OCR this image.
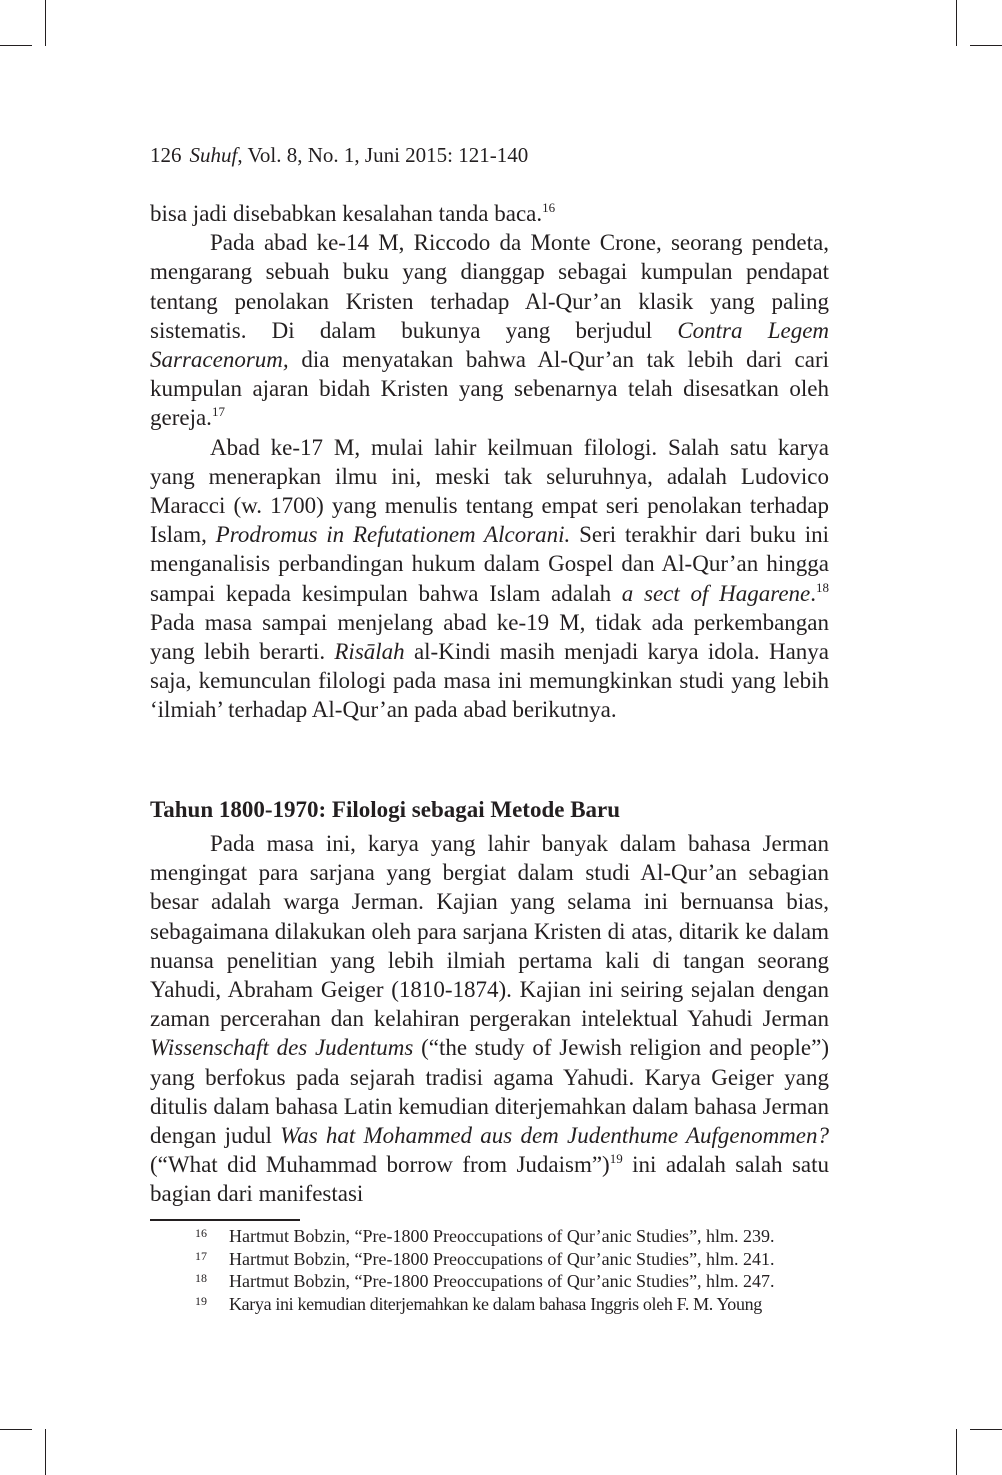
126 Suhuf, Vol. 8, No. 1, Juni 2015: 121-140

bisa jadi disebabkan kesalahan tanda baca.$^{16}$

Pada abad ke-14 M, Riccodo da Monte Crone, seorang pendeta, mengarang sebuah buku yang dianggap sebagai kumpulan pendapat tentang penolakan Kristen terhadap Al-Qur’an klasik yang paling sistematis. Di dalam bukunya yang berjudul Contra Legem Sarracenorum, dia menyatakan bahwa Al-Qur’an tak lebih dari cari kumpulan ajaran bidah Kristen yang sebenarnya telah disesatkan oleh gereja.$^{17}$

Abad ke-17 M, mulai lahir keilmuan filologi. Salah satu karya yang menerapkan ilmu ini, meski tak seluruhnya, adalah Ludovico Maracci (w. 1700) yang menulis tentang empat seri penolakan terhadap Islam, Prodromus in Refutationem Alcorani. Seri terakhir dari buku ini menganalisis perbandingan hukum dalam Gospel dan Al-Qur’an hingga sampai kepada kesimpulan bahwa Islam adalah a sect of Hagarene.$^{18}$ Pada masa sampai menjelang abad ke-19 M, tidak ada perkembangan yang lebih berarti. Risālah al-Kindi masih menjadi karya idola. Hanya saja, kemunculan filologi pada masa ini memungkinkan studi yang lebih ‘ilmiah’ terhadap Al-Qur’an pada abad berikutnya.

Tahun 1800-1970: Filologi sebagai Metode Baru

Pada masa ini, karya yang lahir banyak dalam bahasa Jerman mengingat para sarjana yang bergiat dalam studi Al-Qur’an sebagian besar adalah warga Jerman. Kajian yang selama ini bernuansa bias, sebagaimana dilakukan oleh para sarjana Kristen di atas, ditarik ke dalam nuansa penelitian yang lebih ilmiah pertama kali di tangan seorang Yahudi, Abraham Geiger (1810-1874). Kajian ini seiring sejalan dengan zaman percerahan dan kelahiran pergerakan intelektual Yahudi Jerman Wissenschaft des Judentums (“the study of Jewish religion and people”) yang berfokus pada sejarah tradisi agama Yahudi. Karya Geiger yang ditulis dalam bahasa Latin kemudian diterjemahkan dalam bahasa Jerman dengan judul Was hat Mohammed aus dem Judenthume Aufgenommen? (“What did Muhammad borrow from Judaism”)$^{19}$ ini adalah salah satu bagian dari manifestasi

16 Hartmut Bobzin, “Pre-1800 Preoccupations of Qur’anic Studies”, hlm. 239.
17 Hartmut Bobzin, “Pre-1800 Preoccupations of Qur’anic Studies”, hlm. 241.
18 Hartmut Bobzin, “Pre-1800 Preoccupations of Qur’anic Studies”, hlm. 247.
19 Karya ini kemudian diterjemahkan ke dalam bahasa Inggris oleh F. M. Young
